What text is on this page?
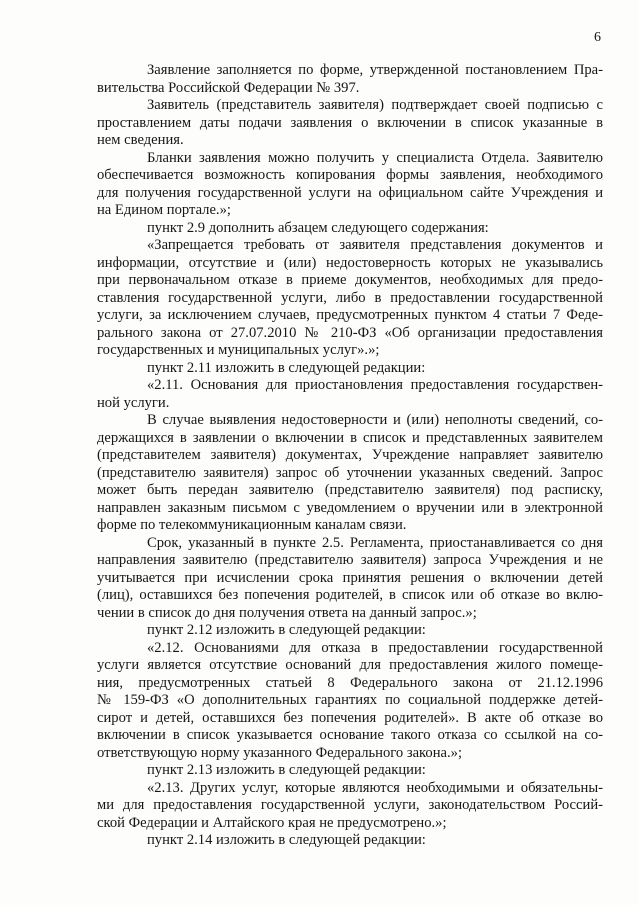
6
Заявление заполняется по форме, утвержденной постановлением Пра-
вительства Российской Федерации № 397.
Заявитель (представитель заявителя) подтверждает своей подписью с
проставлением даты подачи заявления о включении в список указанные в
нем сведения.
Бланки заявления можно получить у специалиста Отдела. Заявителю
обеспечивается возможность копирования формы заявления, необходимого
для получения государственной услуги на официальном сайте Учреждения и
на Едином портале.»;
пункт 2.9 дополнить абзацем следующего содержания:
«Запрещается требовать от заявителя представления документов и
информации, отсутствие и (или) недостоверность которых не указывались
при первоначальном отказе в приеме документов, необходимых для предо-
ставления государственной услуги, либо в предоставлении государственной
услуги, за исключением случаев, предусмотренных пунктом 4 статьи 7 Феде-
рального закона от 27.07.2010 № 210-ФЗ «Об организации предоставления
государственных и муниципальных услуг».»;
пункт 2.11 изложить в следующей редакции:
«2.11. Основания для приостановления предоставления государствен-
ной услуги.
В случае выявления недостоверности и (или) неполноты сведений, со-
держащихся в заявлении о включении в список и представленных заявителем
(представителем заявителя) документах, Учреждение направляет заявителю
(представителю заявителя) запрос об уточнении указанных сведений. Запрос
может быть передан заявителю (представителю заявителя) под расписку,
направлен заказным письмом с уведомлением о вручении или в электронной
форме по телекоммуникационным каналам связи.
Срок, указанный в пункте 2.5. Регламента, приостанавливается со дня
направления заявителю (представителю заявителя) запроса Учреждения и не
учитывается при исчислении срока принятия решения о включении детей
(лиц), оставшихся без попечения родителей, в список или об отказе во вклю-
чении в список до дня получения ответа на данный запрос.»;
пункт 2.12 изложить в следующей редакции:
«2.12. Основаниями для отказа в предоставлении государственной
услуги является отсутствие оснований для предоставления жилого помеще-
ния, предусмотренных статьей 8 Федерального закона от 21.12.1996
№ 159-ФЗ «О дополнительных гарантиях по социальной поддержке детей-
сирот и детей, оставшихся без попечения родителей». В акте об отказе во
включении в список указывается основание такого отказа со ссылкой на со-
ответствующую норму указанного Федерального закона.»;
пункт 2.13 изложить в следующей редакции:
«2.13. Других услуг, которые являются необходимыми и обязательны-
ми для предоставления государственной услуги, законодательством Россий-
ской Федерации и Алтайского края не предусмотрено.»;
пункт 2.14 изложить в следующей редакции:
